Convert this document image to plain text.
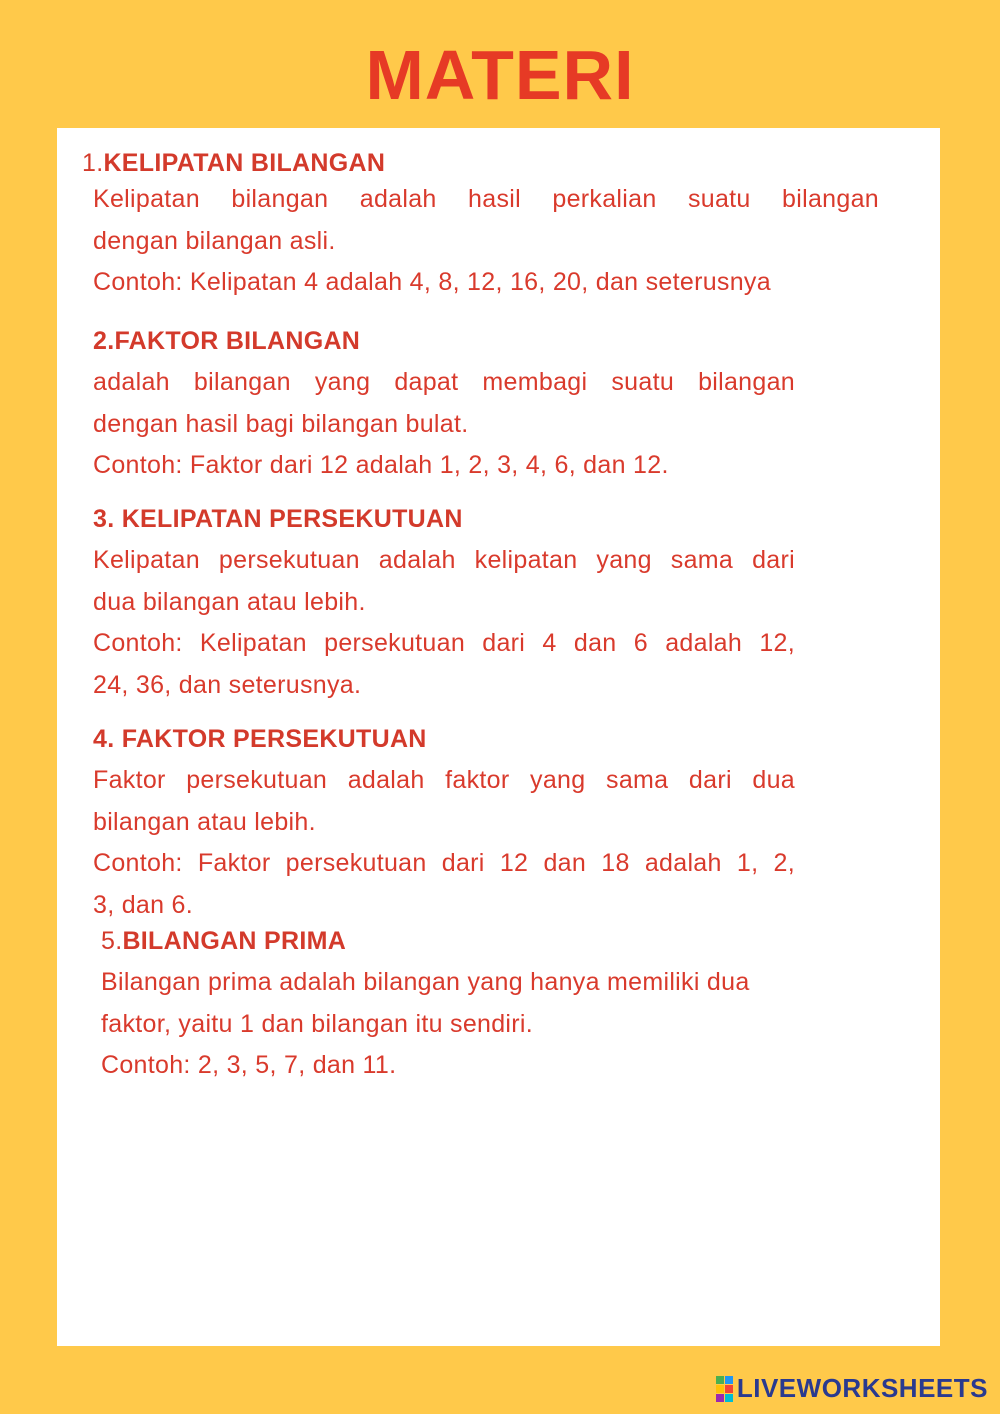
MATERI
1.KELIPATAN BILANGAN
Kelipatan bilangan adalah hasil perkalian suatu bilangan
dengan bilangan asli.
Contoh: Kelipatan 4 adalah 4, 8, 12, 16, 20, dan seterusnya
2.FAKTOR BILANGAN
adalah bilangan yang dapat membagi suatu bilangan
dengan hasil bagi bilangan bulat.
Contoh: Faktor dari 12 adalah 1, 2, 3, 4, 6, dan 12.
3. KELIPATAN PERSEKUTUAN
Kelipatan persekutuan adalah kelipatan yang sama dari
dua bilangan atau lebih.
Contoh: Kelipatan persekutuan dari 4 dan 6 adalah 12,
24, 36, dan seterusnya.
4. FAKTOR PERSEKUTUAN
Faktor persekutuan adalah faktor yang sama dari dua
bilangan atau lebih.
Contoh: Faktor persekutuan dari 12 dan 18 adalah 1, 2,
3, dan 6.
5.BILANGAN PRIMA
Bilangan prima adalah bilangan yang hanya memiliki dua
faktor, yaitu 1 dan bilangan itu sendiri.
Contoh: 2, 3, 5, 7, dan 11.
LIVEWORKSHEETS
